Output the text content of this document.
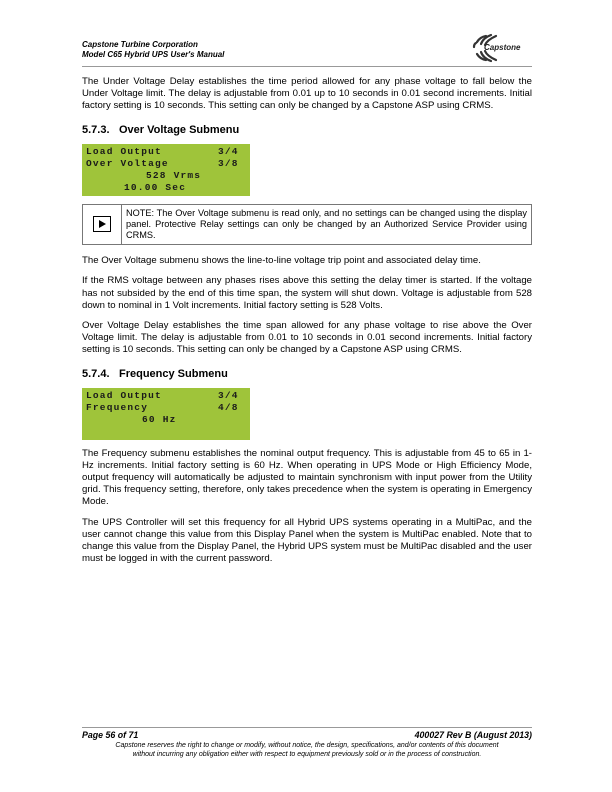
Capstone Turbine Corporation
Model C65 Hybrid UPS User's Manual
Capstone

The Under Voltage Delay establishes the time period allowed for any phase voltage to fall below the Under Voltage limit. The delay is adjustable from 0.01 up to 10 seconds in 0.01 second increments. Initial factory setting is 10 seconds. This setting can only be changed by a Capstone ASP using CRMS.

5.7.3. Over Voltage Submenu
Load Output	3/4
Over Voltage	3/8
528 Vrms
10.00 Sec
NOTE: The Over Voltage submenu is read only, and no settings can be changed using the display panel. Protective Relay settings can only be changed by an Authorized Service Provider using CRMS.

The Over Voltage submenu shows the line-to-line voltage trip point and associated delay time.

If the RMS voltage between any phases rises above this setting the delay timer is started. If the voltage has not subsided by the end of this time span, the system will shut down. Voltage is adjustable from 528 down to nominal in 1 Volt increments. Initial factory setting is 528 Volts.

Over Voltage Delay establishes the time span allowed for any phase voltage to rise above the Over Voltage limit. The delay is adjustable from 0.01 to 10 seconds in 0.01 second increments. Initial factory setting is 10 seconds. This setting can only be changed by a Capstone ASP using CRMS.

5.7.4. Frequency Submenu
Load Output	3/4
Frequency	4/8
60 Hz

The Frequency submenu establishes the nominal output frequency. This is adjustable from 45 to 65 in 1-Hz increments. Initial factory setting is 60 Hz. When operating in UPS Mode or High Efficiency Mode, output frequency will automatically be adjusted to maintain synchronism with input power from the Utility grid. This frequency setting, therefore, only takes precedence when the system is operating in Emergency Mode.

The UPS Controller will set this frequency for all Hybrid UPS systems operating in a MultiPac, and the user cannot change this value from this Display Panel when the system is MultiPac enabled. Note that to change this value from the Display Panel, the Hybrid UPS system must be MultiPac disabled and the user must be logged in with the current password.

Page 56 of 71	400027 Rev B (August 2013)
Capstone reserves the right to change or modify, without notice, the design, specifications, and/or contents of this document
without incurring any obligation either with respect to equipment previously sold or in the process of construction.
